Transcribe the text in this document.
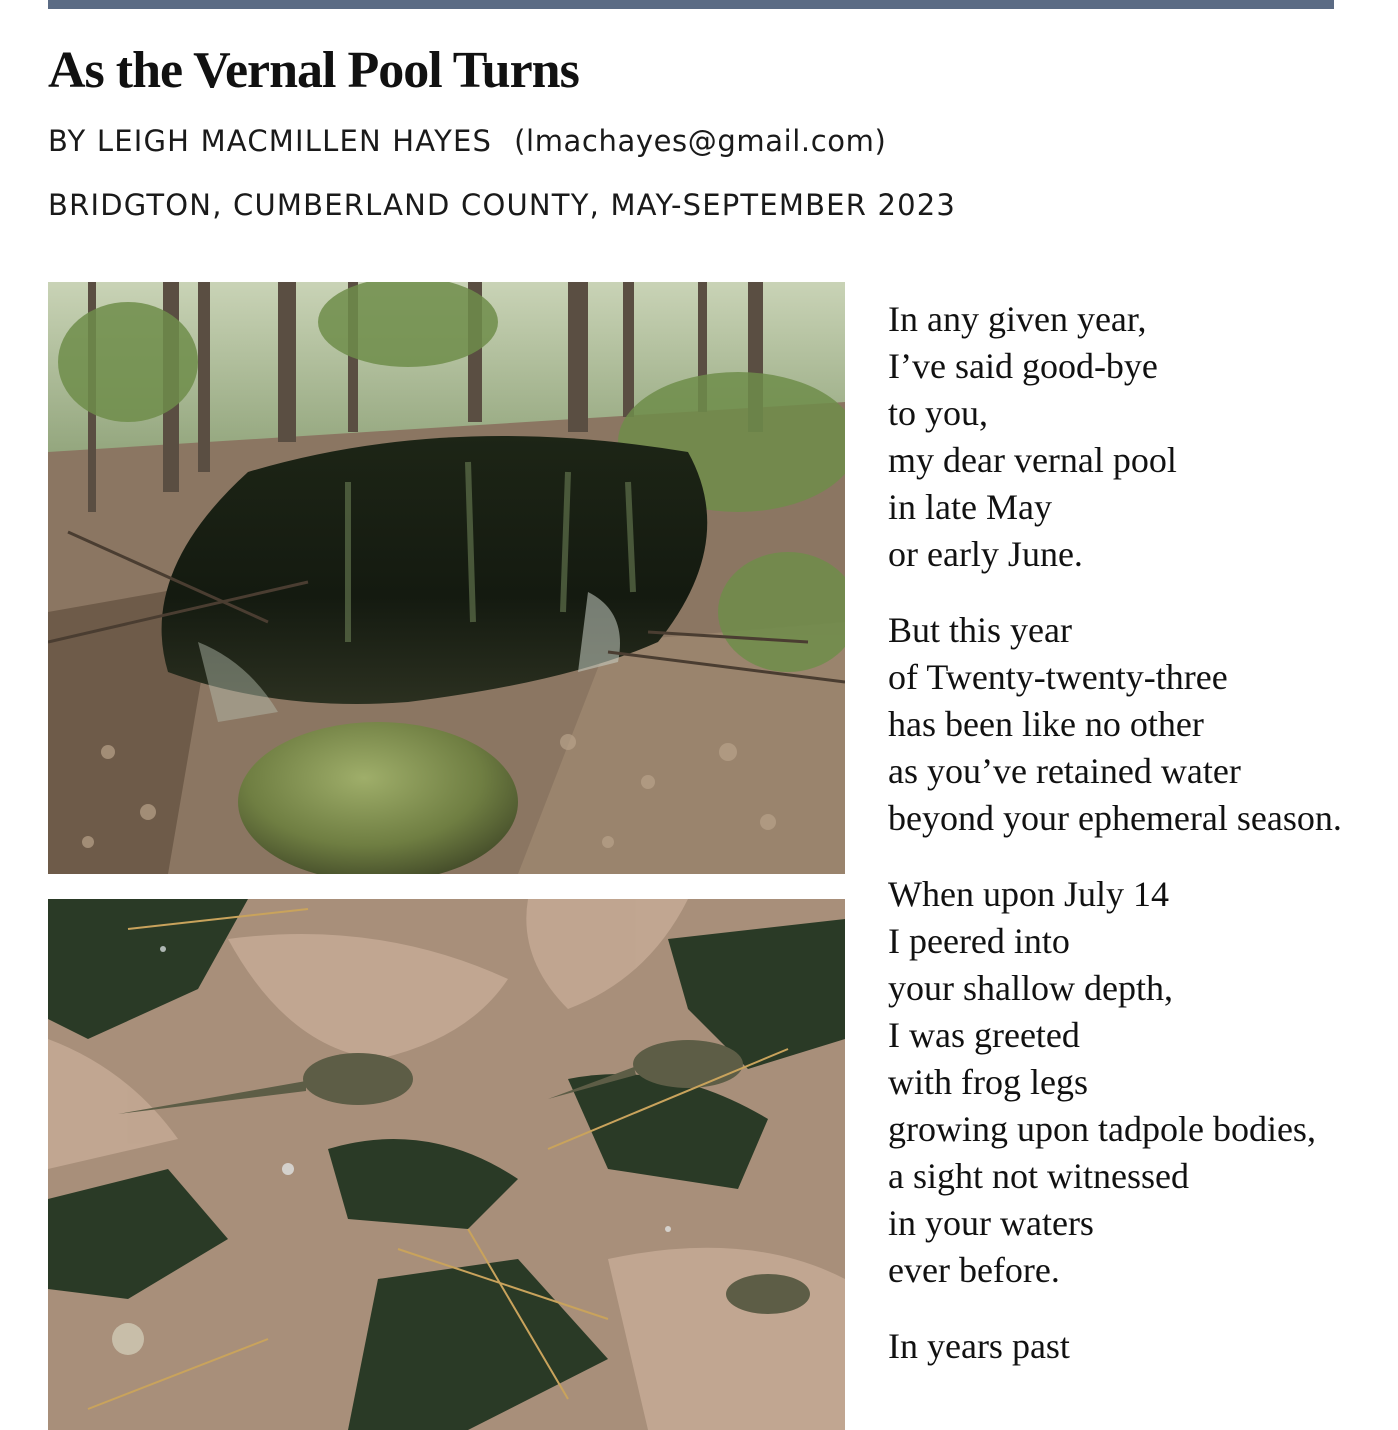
As the Vernal Pool Turns
BY LEIGH MACMILLEN HAYES (lmachayes@gmail.com)
BRIDGTON, CUMBERLAND COUNTY, MAY-SEPTEMBER 2023

In any given year,
I’ve said good-bye
to you,
my dear vernal pool
in late May
or early June.

But this year
of Twenty-twenty-three
has been like no other
as you’ve retained water
beyond your ephemeral season.

When upon July 14
I peered into
your shallow depth,
I was greeted
with frog legs
growing upon tadpole bodies,
a sight not witnessed
in your waters
ever before.

In years past
